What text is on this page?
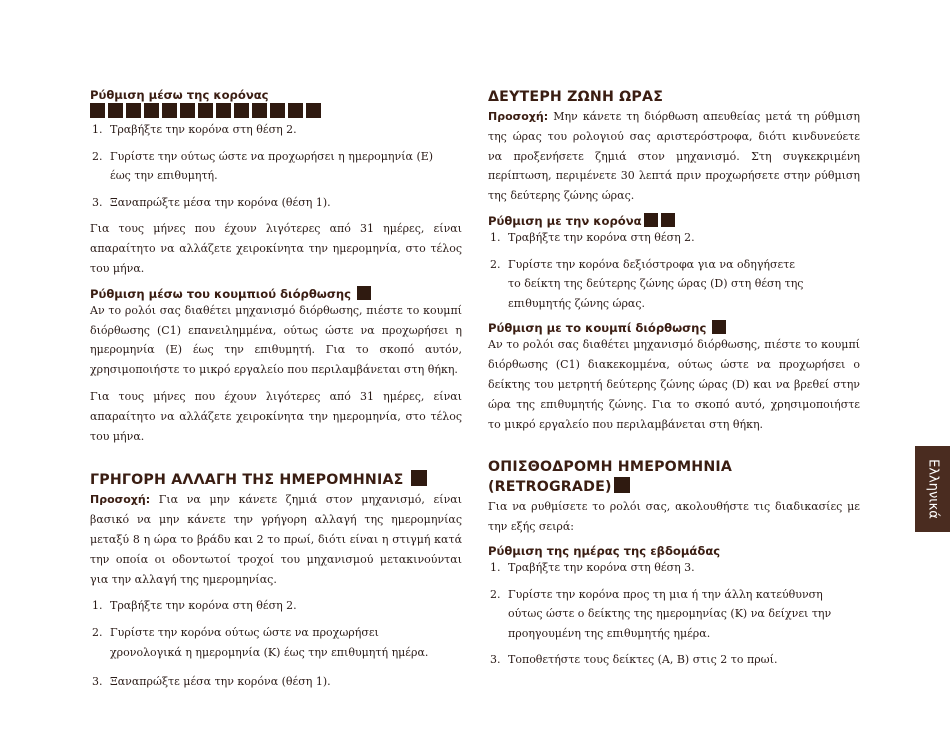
Ρύθμιση μέσω της κορόνας
1. Τραβήξτε την κορόνα στη θέση 2.
2. Γυρίστε την ούτως ώστε να προχωρήσει η ημερομηνία (E)
έως την επιθυμητή.
3. Ξαναπρώξτε μέσα την κορόνα (θέση 1).

Για τους μήνες που έχουν λιγότερες από 31 ημέρες, είναι απαραίτητο να αλλάζετε χειροκίνητα την ημερομηνία, στο τέλος του μήνα.

Ρύθμιση μέσω του κουμπιού διόρθωσης

Αν το ρολόι σας διαθέτει μηχανισμό διόρθωσης, πιέστε το κουμπί διόρθωσης (C1) επανειλημμένα, ούτως ώστε να προχωρήσει η ημερομηνία (E) έως την επιθυμητή. Για το σκοπό αυτόν, χρησιμοποιήστε το μικρό εργαλείο που περιλαμβάνεται στη θήκη.

Για τους μήνες που έχουν λιγότερες από 31 ημέρες, είναι απαραίτητο να αλλάζετε χειροκίνητα την ημερομηνία, στο τέλος του μήνα.

ΓΡΗΓΟΡΗ ΑΛΛΑΓΗ ΤΗΣ ΗΜΕΡΟΜΗΝΙΑΣ

Προσοχή: Για να μην κάνετε ζημιά στον μηχανισμό, είναι βασικό να μην κάνετε την γρήγορη αλλαγή της ημερομηνίας μεταξύ 8 η ώρα το βράδυ και 2 το πρωί, διότι είναι η στιγμή κατά την οποία οι οδοντωτοί τροχοί του μηχανισμού μετακινούνται για την αλλαγή της ημερομηνίας.

1. Τραβήξτε την κορόνα στη θέση 2.
2. Γυρίστε την κορόνα ούτως ώστε να προχωρήσει
χρονολογικά η ημερομηνία (K) έως την επιθυμητή ημέρα.
3. Ξαναπρώξτε μέσα την κορόνα (θέση 1).
ΔΕΥΤΕΡΗ ΖΩΝΗ ΩΡΑΣ

Προσοχή: Μην κάνετε τη διόρθωση απευθείας μετά τη ρύθμιση της ώρας του ρολογιού σας αριστερόστροφα, διότι κινδυνεύετε να προξενήσετε ζημιά στον μηχανισμό. Στη συγκεκριμένη περίπτωση, περιμένετε 30 λεπτά πριν προχωρήσετε στην ρύθμιση της δεύτερης ζώνης ώρας.

Ρύθμιση με την κορόνα
1. Τραβήξτε την κορόνα στη θέση 2.
2. Γυρίστε την κορόνα δεξιόστροφα για να οδηγήσετε
το δείκτη της δεύτερης ζώνης ώρας (D) στη θέση της
επιθυμητής ζώνης ώρας.
Ρύθμιση με το κουμπί διόρθωσης

Αν το ρολόι σας διαθέτει μηχανισμό διόρθωσης, πιέστε το κουμπί διόρθωσης (C1) διακεκομμένα, ούτως ώστε να προχωρήσει ο δείκτης του μετρητή δεύτερης ζώνης ώρας (D) και να βρεθεί στην ώρα της επιθυμητής ζώνης. Για το σκοπό αυτό, χρησιμοποιήστε το μικρό εργαλείο που περιλαμβάνεται στη θήκη.

ΟΠΙΣΘΟΔΡΟΜΗ ΗΜΕΡΟΜΗΝΙΑ
(RETROGRADE)

Για να ρυθμίσετε το ρολόι σας, ακολουθήστε τις διαδικασίες με την εξής σειρά:

Ρύθμιση της ημέρας της εβδομάδας
1. Τραβήξτε την κορόνα στη θέση 3.
2. Γυρίστε την κορόνα προς τη μια ή την άλλη κατεύθυνση
ούτως ώστε ο δείκτης της ημερομηνίας (K) να δείχνει την
προηγουμένη της επιθυμητής ημέρα.
3. Τοποθετήστε τους δείκτες (A, B) στις 2 το πρωί.
Ελληνικά
